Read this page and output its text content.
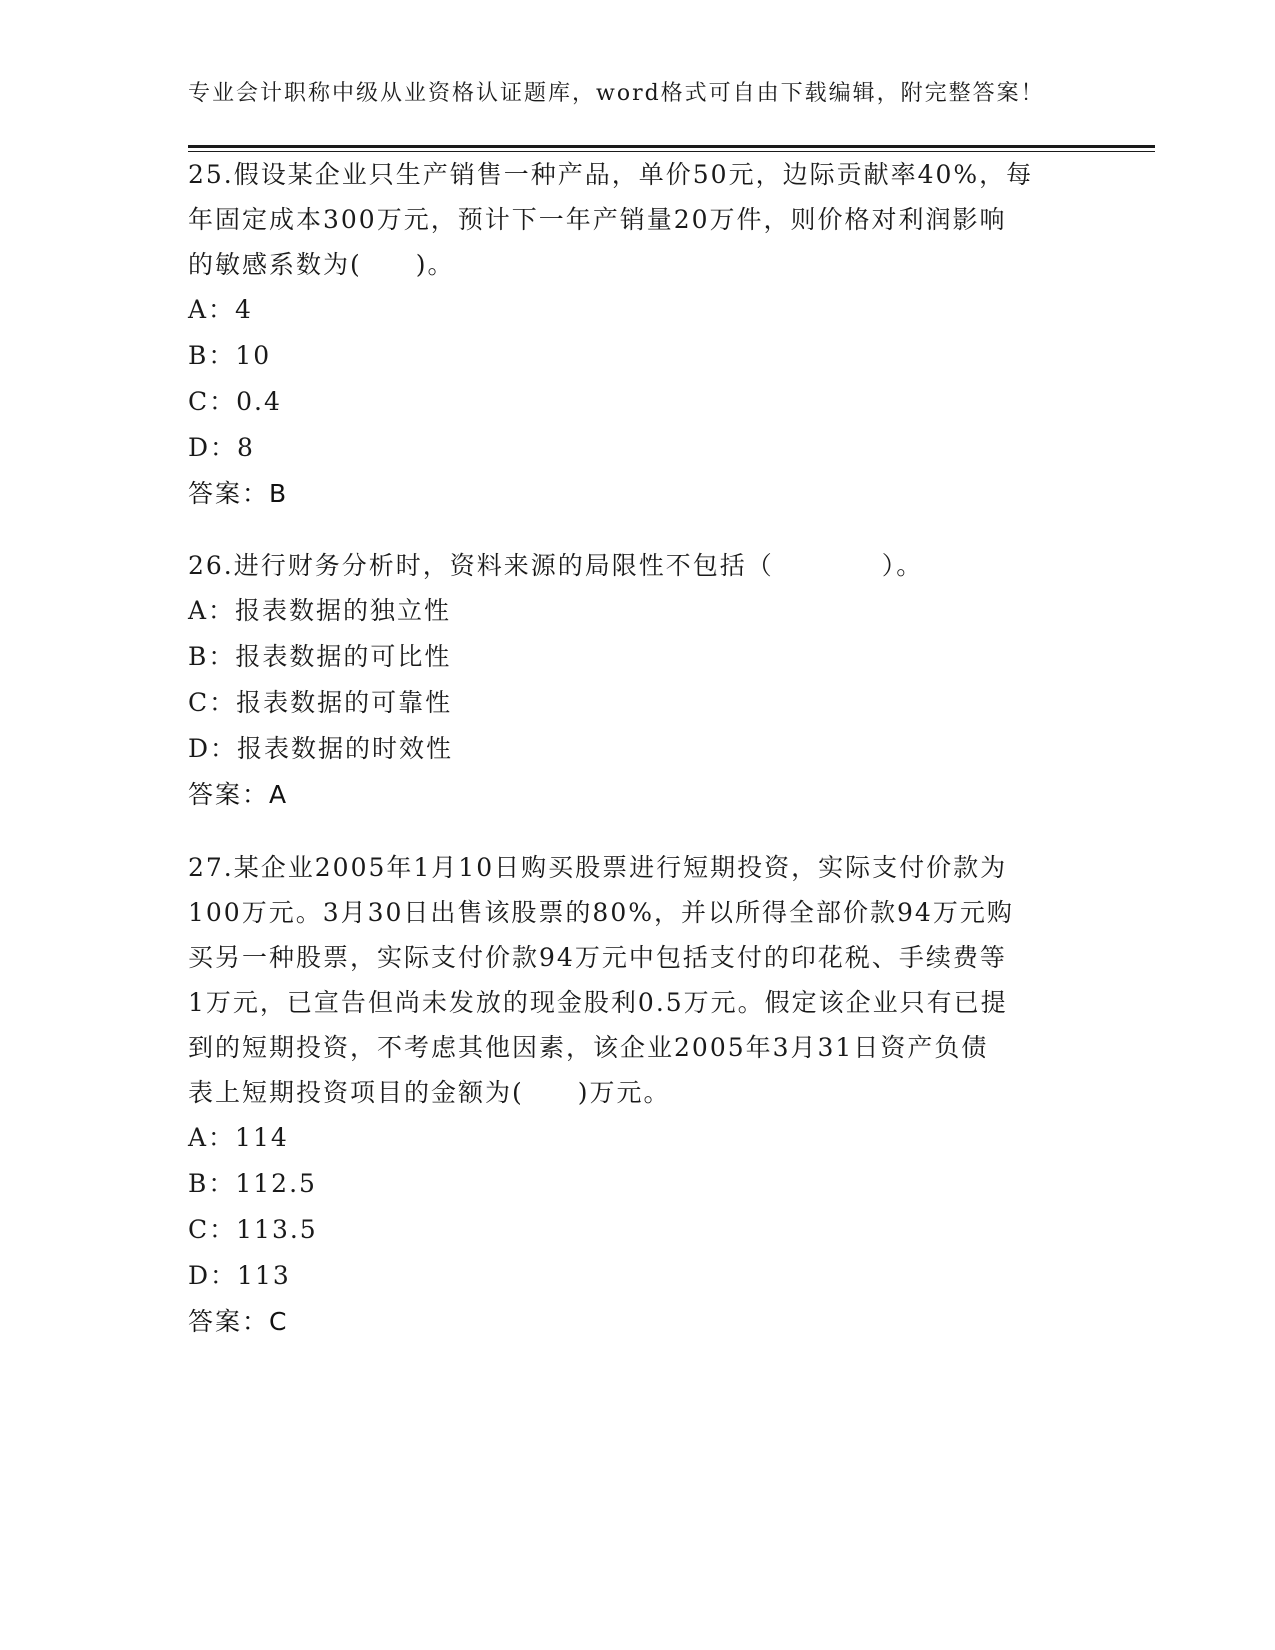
专业会计职称中级从业资格认证题库，word格式可自由下载编辑，附完整答案！

25.假设某企业只生产销售一种产品，单价50元，边际贡献率40%，每
年固定成本300万元，预计下一年产销量20万件，则价格对利润影响
的敏感系数为(　　)。

A：4

B：10

C：0.4

D：8

答案：B

26.进行财务分析时，资料来源的局限性不包括（　　　　）。

A：报表数据的独立性

B：报表数据的可比性

C：报表数据的可靠性

D：报表数据的时效性

答案：A

27.某企业2005年1月10日购买股票进行短期投资，实际支付价款为
100万元。3月30日出售该股票的80%，并以所得全部价款94万元购
买另一种股票，实际支付价款94万元中包括支付的印花税、手续费等
1万元，已宣告但尚未发放的现金股利0.5万元。假定该企业只有已提
到的短期投资，不考虑其他因素，该企业2005年3月31日资产负债
表上短期投资项目的金额为(　　)万元。

A：114

B：112.5

C：113.5

D：113

答案：C
